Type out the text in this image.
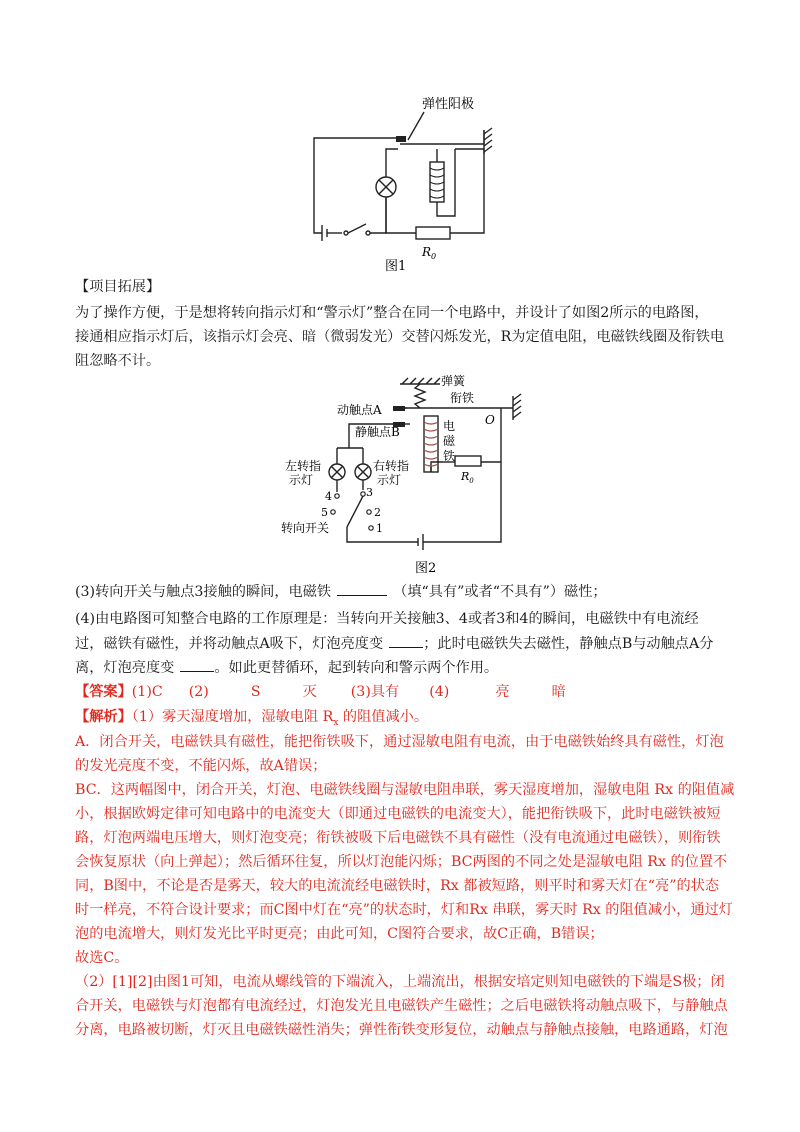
弹性阳极
$R_0$
图1
【项目拓展】
为了操作方便，于是想将转向指示灯和“警示灯”整合在同一个电路中，并设计了如图2所示的电路图，
接通相应指示灯后，该指示灯会亮、暗（微弱发光）交替闪烁发光，R为定值电阻，电磁铁线圈及衔铁电
阻忽略不计。
弹簧
衔铁
动触点A
静触点B
O
电
磁
铁
左转指
示灯
右转指
示灯	$R_0$
4	3
5	2
1
转向开关
图2
(3)转向开关与触点3接触的瞬间，电磁铁	（填“具有”或者“不具有”）磁性；
(4)由电路图可知整合电路的工作原理是：当转向开关接触3、4或者3和4的瞬间，电磁铁中有电流经
过，磁铁有磁性，并将动触点A吸下，灯泡亮度变	；此时电磁铁失去磁性，静触点B与动触点A分
离，灯泡亮度变	。如此更替循环，起到转向和警示两个作用。
【答案】(1)C (2)	S	灭 (3)具有 (4)	亮	暗
【解析】（1）雾天湿度增加，湿敏电阻 $R_x$ 的阻值减小。
A．闭合开关，电磁铁具有磁性，能把衔铁吸下，通过湿敏电阻有电流，由于电磁铁始终具有磁性，灯泡
的发光亮度不变，不能闪烁，故A错误；
BC．这两幅图中，闭合开关，灯泡、电磁铁线圈与湿敏电阻串联，雾天湿度增加，湿敏电阻 Rx 的阻值减
小，根据欧姆定律可知电路中的电流变大（即通过电磁铁的电流变大），能把衔铁吸下，此时电磁铁被短
路，灯泡两端电压增大，则灯泡变亮；衔铁被吸下后电磁铁不具有磁性（没有电流通过电磁铁），则衔铁
会恢复原状（向上弹起）；然后循环往复，所以灯泡能闪烁；BC两图的不同之处是湿敏电阻 Rx 的位置不
同，B图中，不论是否是雾天，较大的电流流经电磁铁时，Rx 都被短路，则平时和雾天灯在“亮”的状态
时一样亮，不符合设计要求；而C图中灯在“亮”的状态时，灯和Rx 串联，雾天时 Rx 的阻值减小，通过灯
泡的电流增大，则灯发光比平时更亮；由此可知，C图符合要求，故C正确，B错误；
故选C。
（2）[1][2]由图1可知，电流从螺线管的下端流入，上端流出，根据安培定则知电磁铁的下端是S极；闭
合开关，电磁铁与灯泡都有电流经过，灯泡发光且电磁铁产生磁性；之后电磁铁将动触点吸下，与静触点
分离，电路被切断，灯灭且电磁铁磁性消失；弹性衔铁变形复位，动触点与静触点接触，电路通路，灯泡
